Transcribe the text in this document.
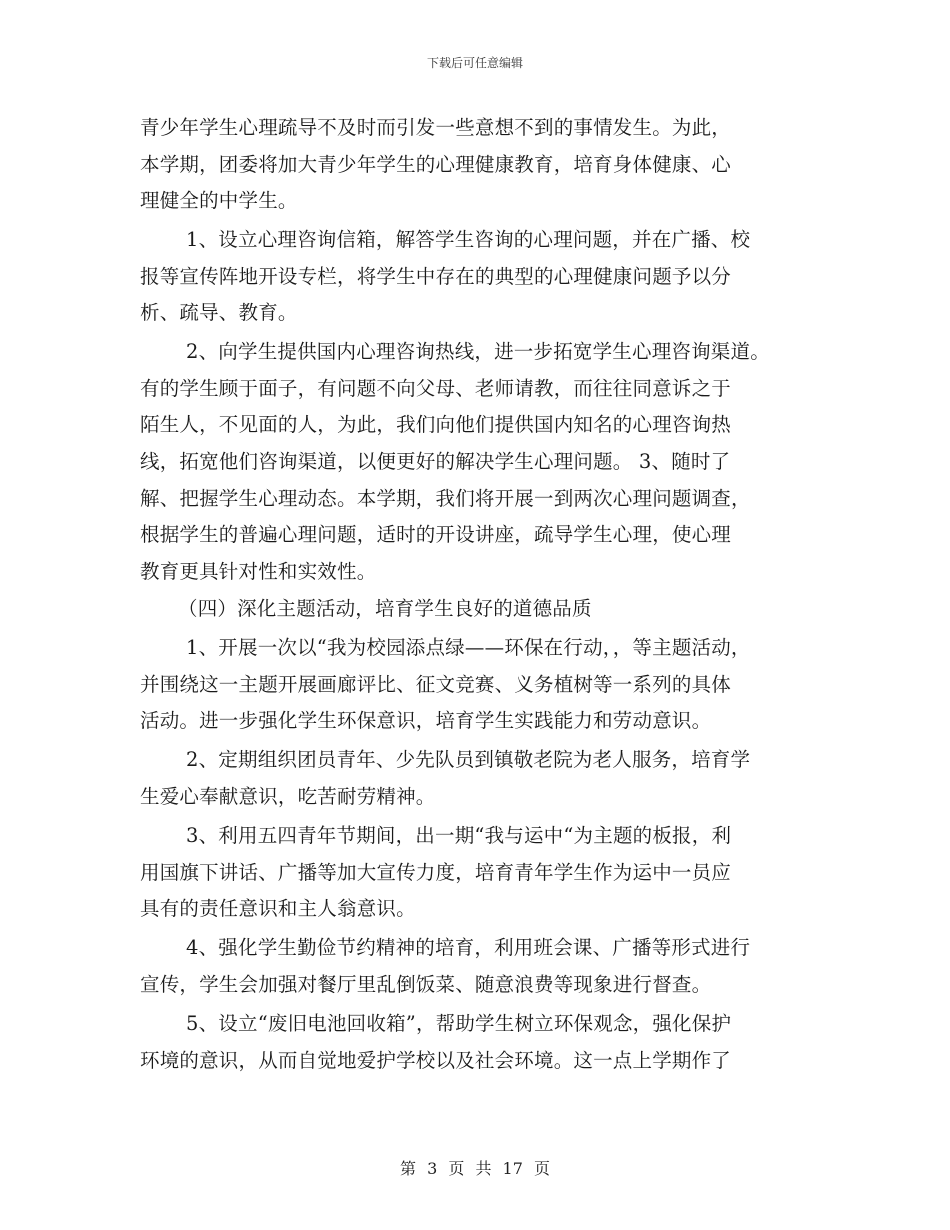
下载后可任意编辑
青少年学生心理疏导不及时而引发一些意想不到的事情发生。为此，
本学期，团委将加大青少年学生的心理健康教育，培育身体健康、心
理健全的中学生。
1、设立心理咨询信箱，解答学生咨询的心理问题，并在广播、校
报等宣传阵地开设专栏，将学生中存在的典型的心理健康问题予以分
析、疏导、教育。
2、向学生提供国内心理咨询热线，进一步拓宽学生心理咨询渠道。
有的学生顾于面子，有问题不向父母、老师请教，而往往同意诉之于
陌生人，不见面的人，为此，我们向他们提供国内知名的心理咨询热
线，拓宽他们咨询渠道，以便更好的解决学生心理问题。 3、随时了
解、把握学生心理动态。本学期，我们将开展一到两次心理问题调查，
根据学生的普遍心理问题，适时的开设讲座，疏导学生心理，使心理
教育更具针对性和实效性。
（四）深化主题活动，培育学生良好的道德品质
1、开展一次以“我为校园添点绿——环保在行动，，等主题活动，
并围绕这一主题开展画廊评比、征文竞赛、义务植树等一系列的具体
活动。进一步强化学生环保意识，培育学生实践能力和劳动意识。
2、定期组织团员青年、少先队员到镇敬老院为老人服务，培育学
生爱心奉献意识，吃苦耐劳精神。
3、利用五四青年节期间，出一期“我与运中“为主题的板报，利
用国旗下讲话、广播等加大宣传力度，培育青年学生作为运中一员应
具有的责任意识和主人翁意识。
4、强化学生勤俭节约精神的培育，利用班会课、广播等形式进行
宣传，学生会加强对餐厅里乱倒饭菜、随意浪费等现象进行督查。
5、设立“废旧电池回收箱”，帮助学生树立环保观念，强化保护
环境的意识，从而自觉地爱护学校以及社会环境。这一点上学期作了
第 3 页 共 17 页
